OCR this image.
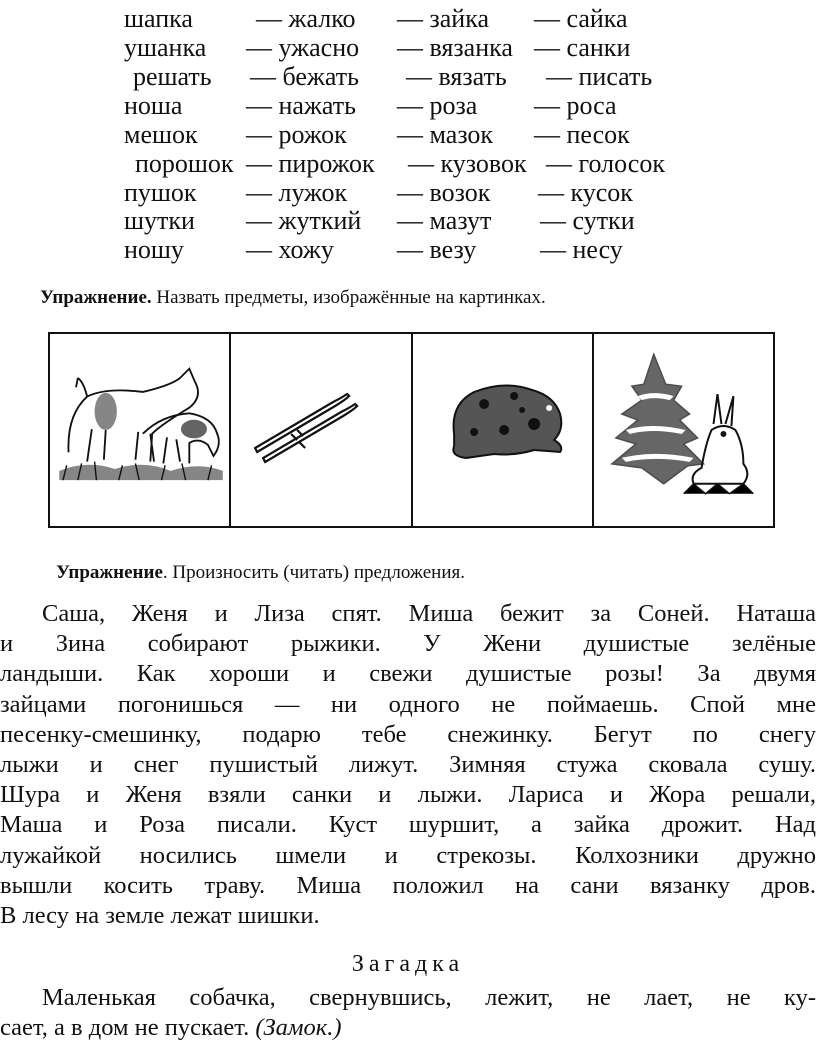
шапка — жалко — зайка — сайка
ушанка — ужасно — вязанка — санки
решать — бежать — вязать — писать
ноша — нажать — роза — роса
мешок — рожок — мазок — песок
порошок — пирожок — кузовок — голосок
пушок — лужок — возок — кусок
шутки — жуткий — мазут — сутки
ношу — хожу — везу — несу
Упражнение. Назвать предметы, изображённые на картинках.
Упражнение. Произносить (читать) предложения.
Саша, Женя и Лиза спят. Миша бежит за Соней. Наташа
и Зина собирают рыжики. У Жени душистые зелёные
ландыши. Как хороши и свежи душистые розы! За двумя
зайцами погонишься — ни одного не поймаешь. Спой мне
песенку-смешинку, подарю тебе снежинку. Бегут по снегу
лыжи и снег пушистый лижут. Зимняя стужа сковала сушу.
Шура и Женя взяли санки и лыжи. Лариса и Жора решали,
Маша и Роза писали. Куст шуршит, а зайка дрожит. Над
лужайкой носились шмели и стрекозы. Колхозники дружно
вышли косить траву. Миша положил на сани вязанку дров.
В лесу на земле лежат шишки.
Загадка
Маленькая собачка, свернувшись, лежит, не лает, не ку-
сает, а в дом не пускает. (Замок.)
